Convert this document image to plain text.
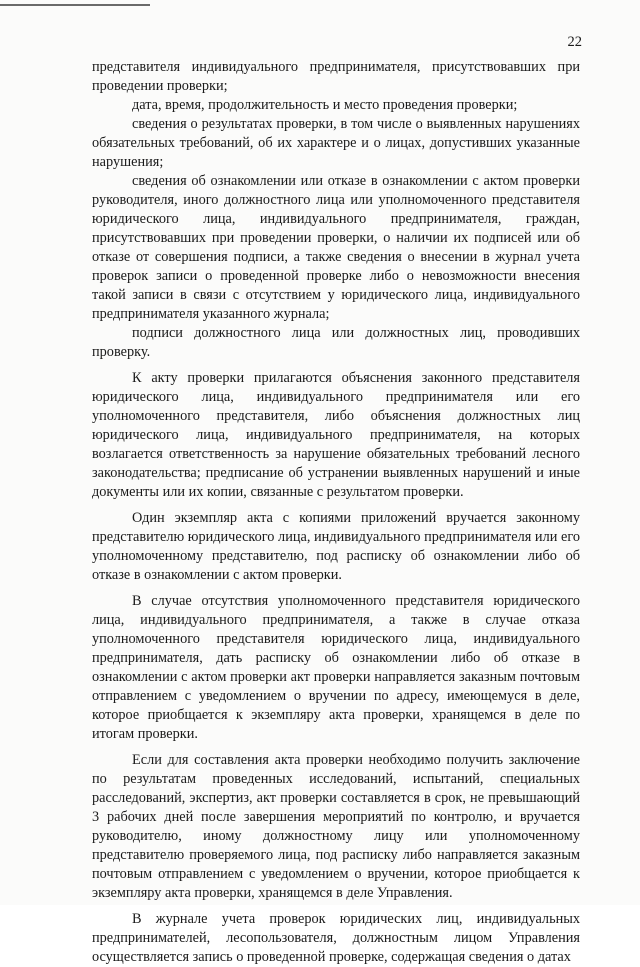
22

представителя индивидуального предпринимателя, присутствовавших при проведении проверки;

дата, время, продолжительность и место проведения проверки;

сведения о результатах проверки, в том числе о выявленных нарушениях обязательных требований, об их характере и о лицах, допустивших указанные нарушения;

сведения об ознакомлении или отказе в ознакомлении с актом проверки руководителя, иного должностного лица или уполномоченного представителя юридического лица, индивидуального предпринимателя, граждан, присутствовавших при проведении проверки, о наличии их подписей или об отказе от совершения подписи, а также сведения о внесении в журнал учета проверок записи о проведенной проверке либо о невозможности внесения такой записи в связи с отсутствием у юридического лица, индивидуального предпринимателя указанного журнала;

подписи должностного лица или должностных лиц, проводивших проверку.

К акту проверки прилагаются объяснения законного представителя юридического лица, индивидуального предпринимателя или его уполномоченного представителя, либо объяснения должностных лиц юридического лица, индивидуального предпринимателя, на которых возлагается ответственность за нарушение обязательных требований лесного законодательства; предписание об устранении выявленных нарушений и иные документы или их копии, связанные с результатом проверки.

Один экземпляр акта с копиями приложений вручается законному представителю юридического лица, индивидуального предпринимателя или его уполномоченному представителю, под расписку об ознакомлении либо об отказе в ознакомлении с актом проверки.

В случае отсутствия уполномоченного представителя юридического лица, индивидуального предпринимателя, а также в случае отказа уполномоченного представителя юридического лица, индивидуального предпринимателя, дать расписку об ознакомлении либо об отказе в ознакомлении с актом проверки акт проверки направляется заказным почтовым отправлением с уведомлением о вручении по адресу, имеющемуся в деле, которое приобщается к экземпляру акта проверки, хранящемся в деле по итогам проверки.

Если для составления акта проверки необходимо получить заключение по результатам проведенных исследований, испытаний, специальных расследований, экспертиз, акт проверки составляется в срок, не превышающий 3 рабочих дней после завершения мероприятий по контролю, и вручается руководителю, иному должностному лицу или уполномоченному представителю проверяемого лица, под расписку либо направляется заказным почтовым отправлением с уведомлением о вручении, которое приобщается к экземпляру акта проверки, хранящемся в деле Управления.

В журнале учета проверок юридических лиц, индивидуальных предпринимателей, лесопользователя, должностным лицом Управления осуществляется запись о проведенной проверке, содержащая сведения о датах
